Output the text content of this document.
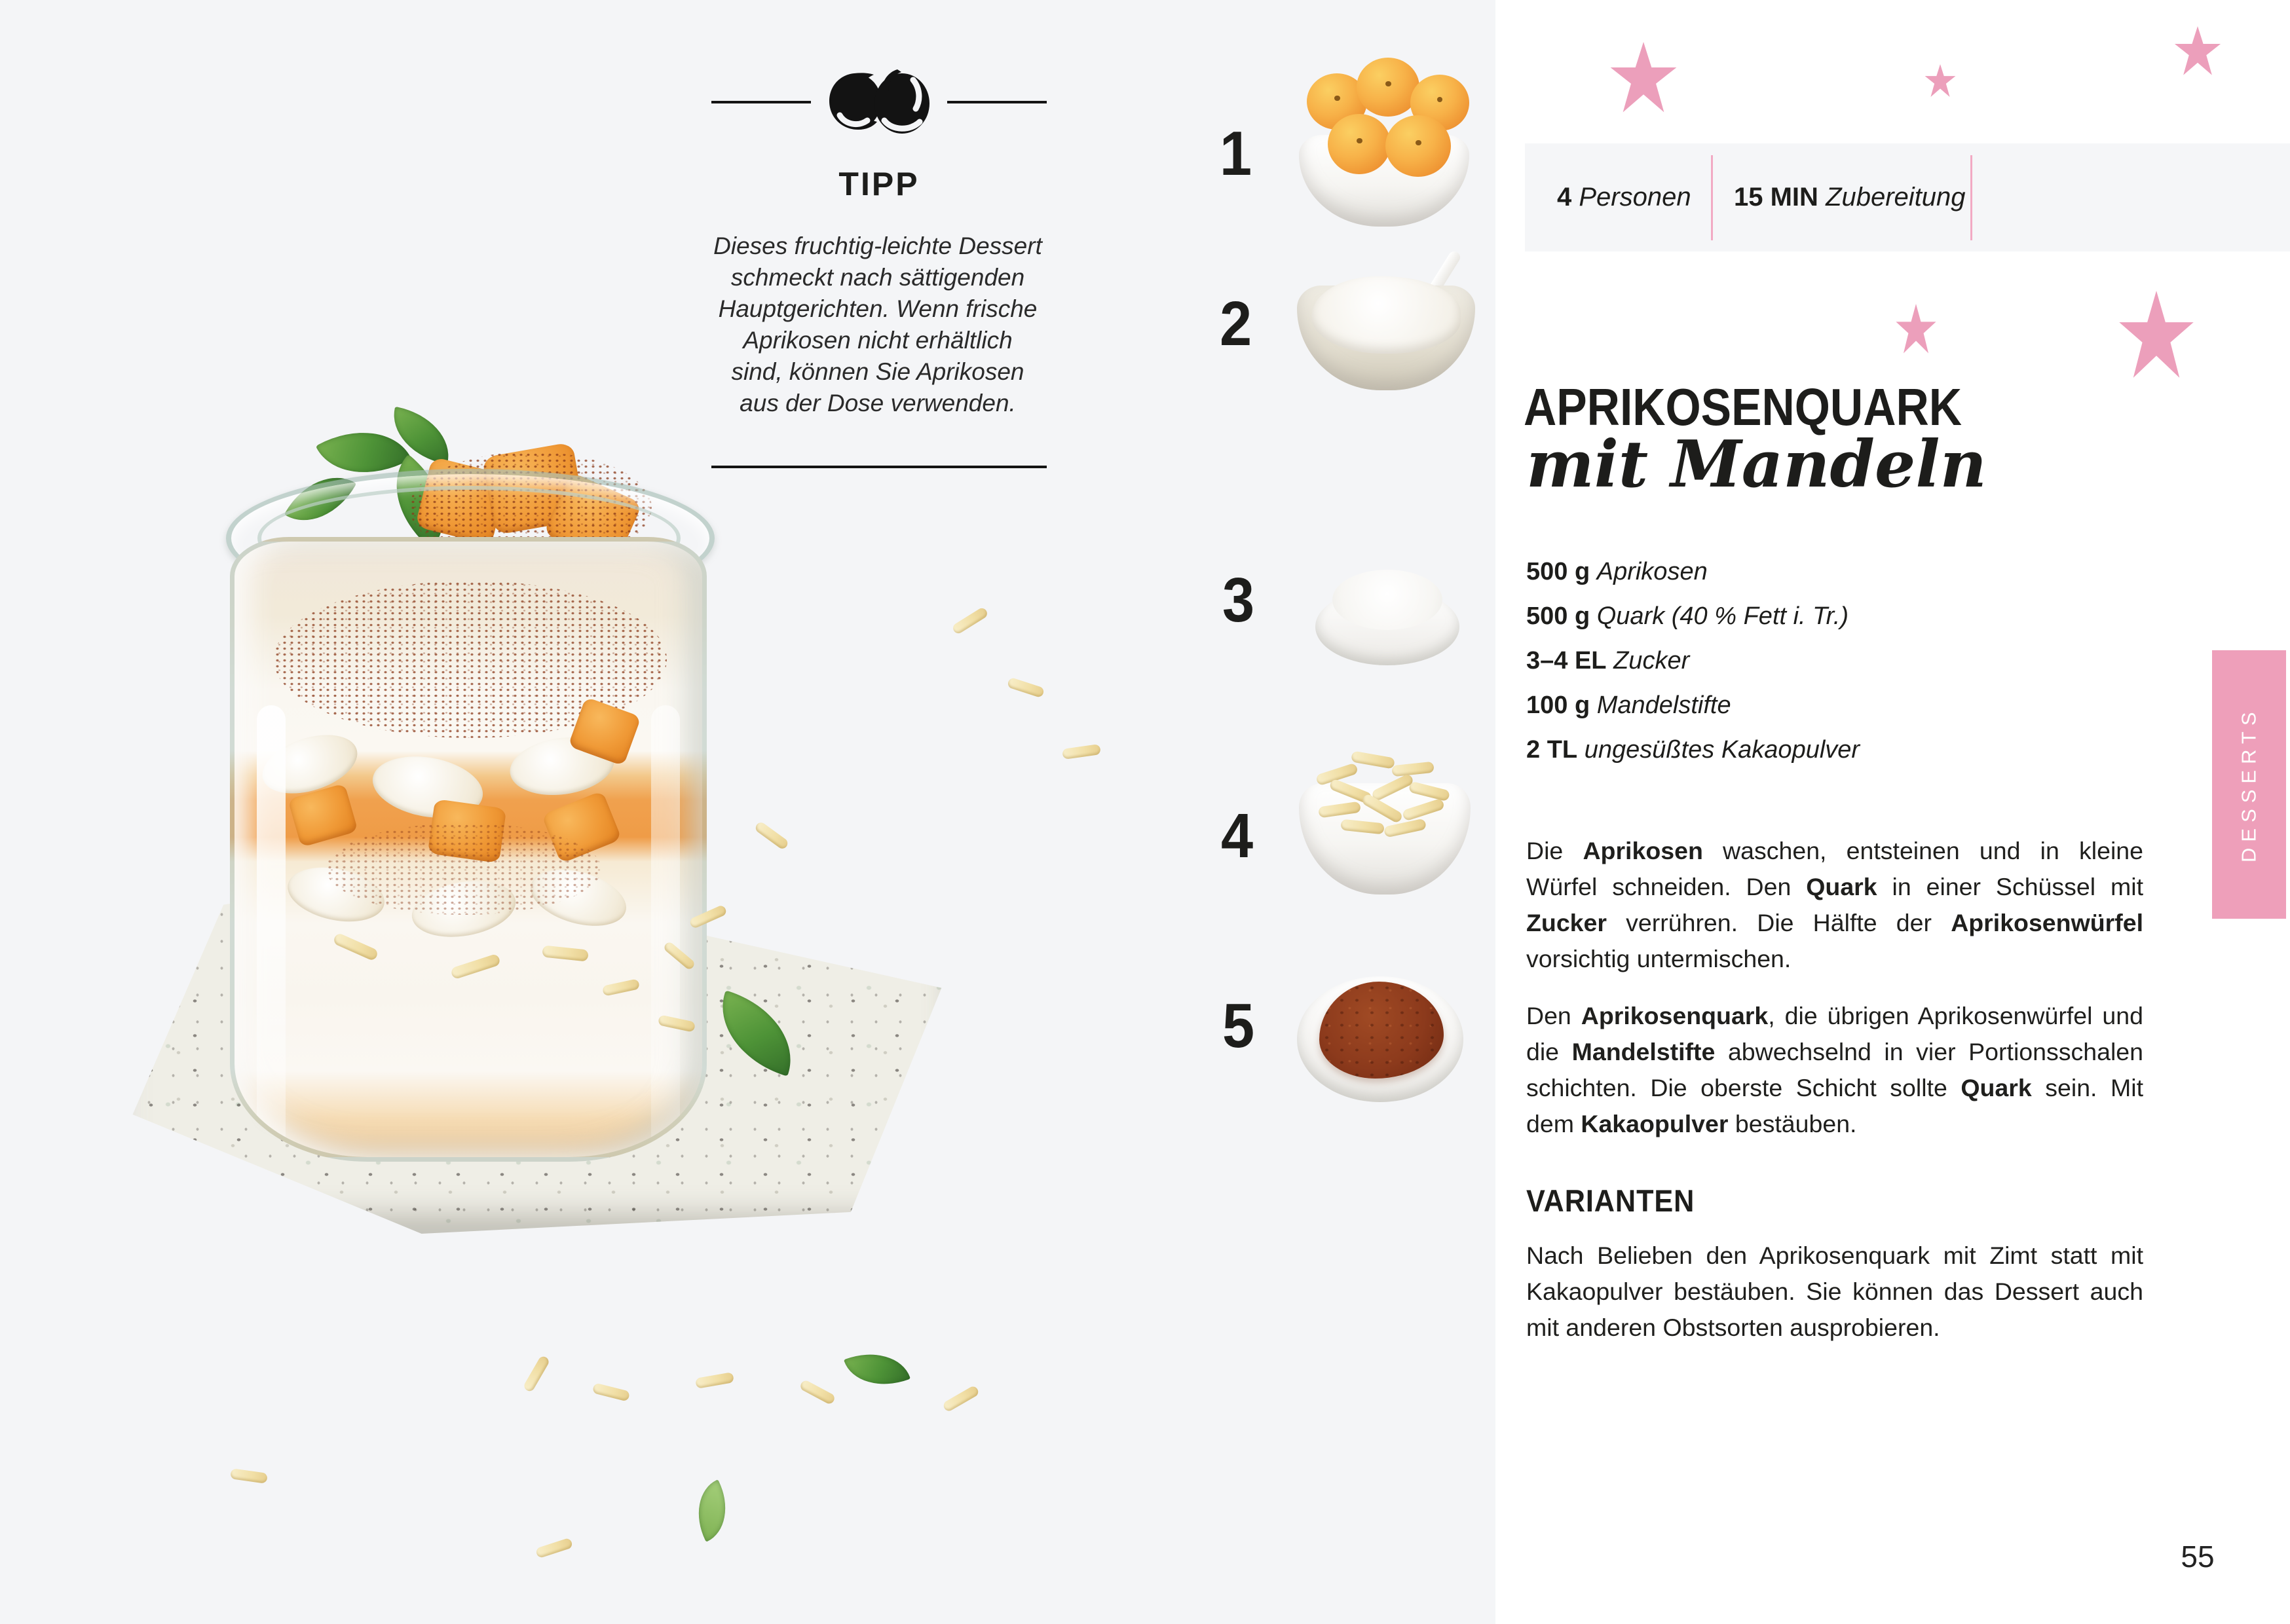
TIPP
Dieses fruchtig-leichte Dessert
schmeckt nach sättigenden
Hauptgerichten. Wenn frische
Aprikosen nicht erhältlich
sind, können Sie Aprikosen
aus der Dose verwenden.
1
2
3
4
5
4
Personen 15 MIN
Zubereitung
APRIKOSENQUARK
mit Mandeln
500 g Aprikosen
500 g Quark (40 % Fett i. Tr.)
3–4 EL Zucker
100 g Mandelstifte
2 TL ungesüßtes Kakaopulver
Die Aprikosen waschen, entsteinen und in kleine Würfel schneiden. Den Quark in einer Schüssel mit Zucker verrühren. Die Hälfte der Aprikosenwürfel vorsichtig untermischen.
Den Aprikosenquark, die übrigen Aprikosenwürfel und die Mandelstifte abwechselnd in vier Portionsschalen schichten. Die oberste Schicht sollte Quark sein. Mit dem Kakaopulver bestäuben.
VARIANTEN
Nach Belieben den Aprikosenquark mit Zimt statt mit Kakaopulver bestäuben. Sie können das Dessert auch mit anderen Obstsorten ausprobieren.
DESSERTS
55
